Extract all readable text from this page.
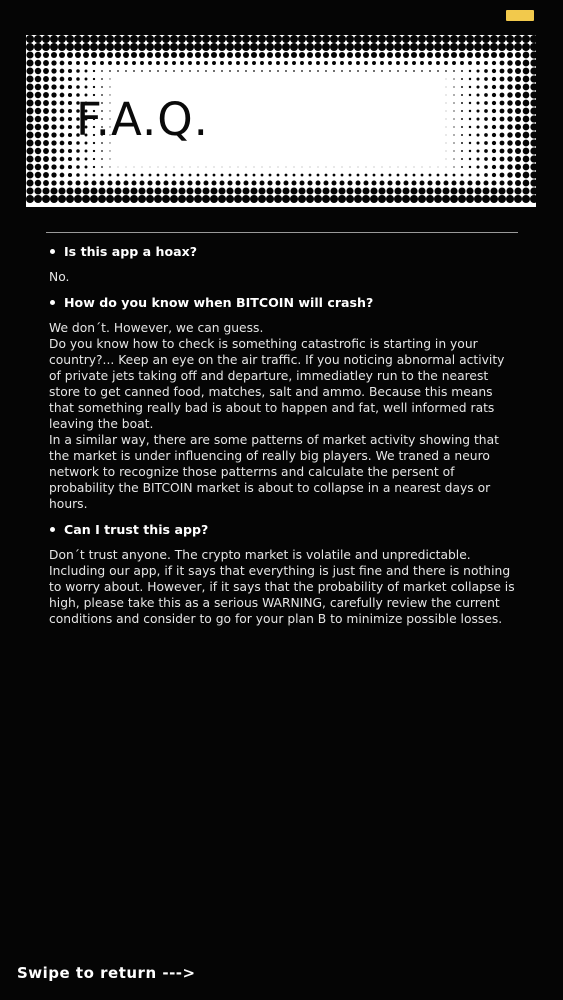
F.A.Q.
Is this app a hoax?
No.
How do you know when BITCOIN will crash?
We don´t. However, we can guess.
Do you know how to check is something catastrofic is starting in your country?... Keep an eye on the air traffic. If you noticing abnormal activity of private jets taking off and departure, immediatley run to the nearest store to get canned food, matches, salt and ammo. Because this means that something really bad is about to happen and fat, well informed rats leaving the boat.
In a similar way, there are some patterns of market activity showing that the market is under influencing of really big players. We traned a neuro network to recognize those patterrns and calculate the persent of probability the BITCOIN market is about to collapse in a nearest days or hours.
Can I trust this app?
Don´t trust anyone. The crypto market is volatile and unpredictable. Including our app, if it says that everything is just fine and there is nothing to worry about. However, if it says that the probability of market collapse is high, please take this as a serious WARNING, carefully review the current conditions and consider to go for your plan B to minimize possible losses.
Swipe to return --->
